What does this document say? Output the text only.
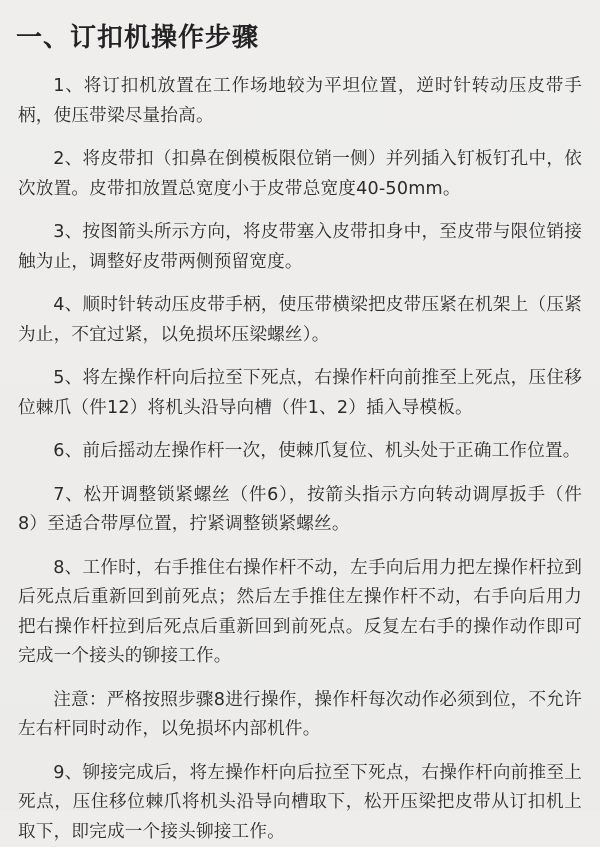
一、订扣机操作步骤

1、将订扣机放置在工作场地较为平坦位置，逆时针转动压皮带手柄，使压带梁尽量抬高。

2、将皮带扣（扣鼻在倒模板限位销一侧）并列插入钉板钉孔中，依次放置。皮带扣放置总宽度小于皮带总宽度40-50mm。

3、按图箭头所示方向，将皮带塞入皮带扣身中，至皮带与限位销接触为止，调整好皮带两侧预留宽度。

4、顺时针转动压皮带手柄，使压带横梁把皮带压紧在机架上（压紧为止，不宜过紧，以免损坏压梁螺丝）。

5、将左操作杆向后拉至下死点，右操作杆向前推至上死点，压住移位棘爪（件12）将机头沿导向槽（件1、2）插入导模板。

6、前后摇动左操作杆一次，使棘爪复位、机头处于正确工作位置。

7、松开调整锁紧螺丝（件6），按箭头指示方向转动调厚扳手（件8）至适合带厚位置，拧紧调整锁紧螺丝。

8、工作时，右手推住右操作杆不动，左手向后用力把左操作杆拉到后死点后重新回到前死点；然后左手推住左操作杆不动，右手向后用力把右操作杆拉到后死点后重新回到前死点。反复左右手的操作动作即可完成一个接头的铆接工作。

注意：严格按照步骤8进行操作，操作杆每次动作必须到位，不允许左右杆同时动作，以免损坏内部机件。

9、铆接完成后，将左操作杆向后拉至下死点，右操作杆向前推至上死点，压住移位棘爪将机头沿导向槽取下，松开压梁把皮带从订扣机上取下，即完成一个接头铆接工作。
